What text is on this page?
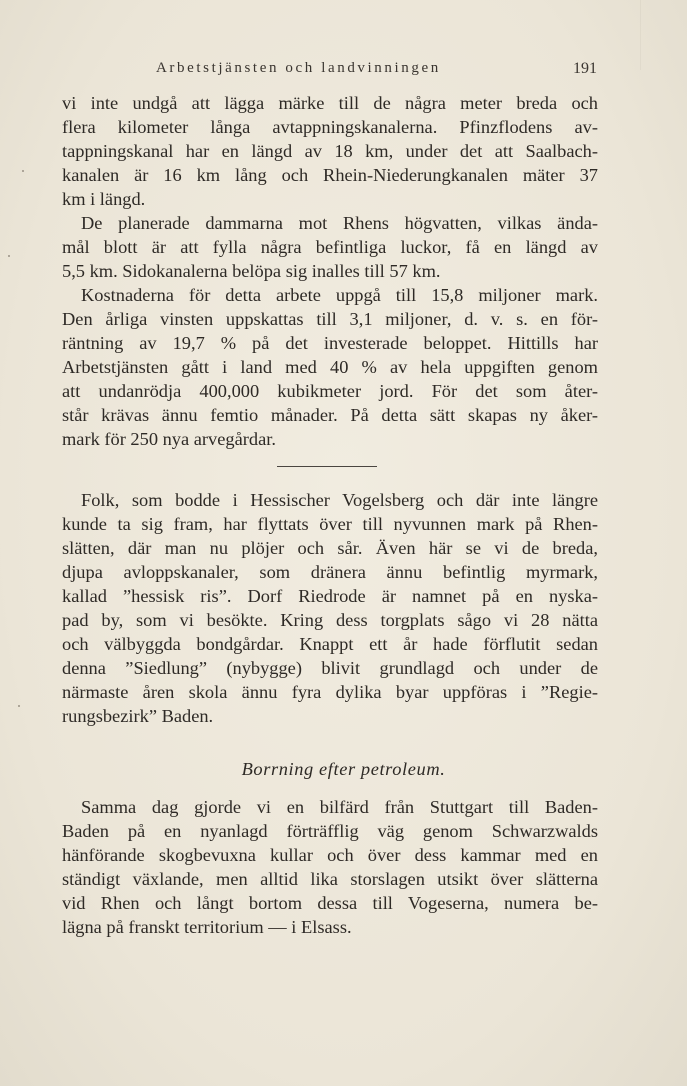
Arbetstjänsten och landvinningen	191
vi inte undgå att lägga märke till de några meter breda och
flera kilometer långa avtappningskanalerna. Pfinzflodens av-
tappningskanal har en längd av 18 km, under det att Saalbach-
kanalen är 16 km lång och Rhein-Niederungkanalen mäter 37
km i längd.
De planerade dammarna mot Rhens högvatten, vilkas ända-
mål blott är att fylla några befintliga luckor, få en längd av
5,5 km. Sidokanalerna belöpa sig inalles till 57 km.
Kostnaderna för detta arbete uppgå till 15,8 miljoner mark.
Den årliga vinsten uppskattas till 3,1 miljoner, d. v. s. en för-
räntning av 19,7 % på det investerade beloppet. Hittills har
Arbetstjänsten gått i land med 40 % av hela uppgiften genom
att undanrödja 400,000 kubikmeter jord. För det som åter-
står krävas ännu femtio månader. På detta sätt skapas ny åker-
mark för 250 nya arvegårdar.
Folk, som bodde i Hessischer Vogelsberg och där inte längre
kunde ta sig fram, har flyttats över till nyvunnen mark på Rhen-
slätten, där man nu plöjer och sår. Även här se vi de breda,
djupa avloppskanaler, som dränera ännu befintlig myrmark,
kallad ”hessisk ris”. Dorf Riedrode är namnet på en nyska-
pad by, som vi besökte. Kring dess torgplats sågo vi 28 nätta
och välbyggda bondgårdar. Knappt ett år hade förflutit sedan
denna ”Siedlung” (nybygge) blivit grundlagd och under de
närmaste åren skola ännu fyra dylika byar uppföras i ”Regie-
rungsbezirk” Baden.
Borrning efter petroleum.
Samma dag gjorde vi en bilfärd från Stuttgart till Baden-
Baden på en nyanlagd förträfflig väg genom Schwarzwalds
hänförande skogbevuxna kullar och över dess kammar med en
ständigt växlande, men alltid lika storslagen utsikt över slätterna
vid Rhen och långt bortom dessa till Vogeserna, numera be-
lägna på franskt territorium — i Elsass.
